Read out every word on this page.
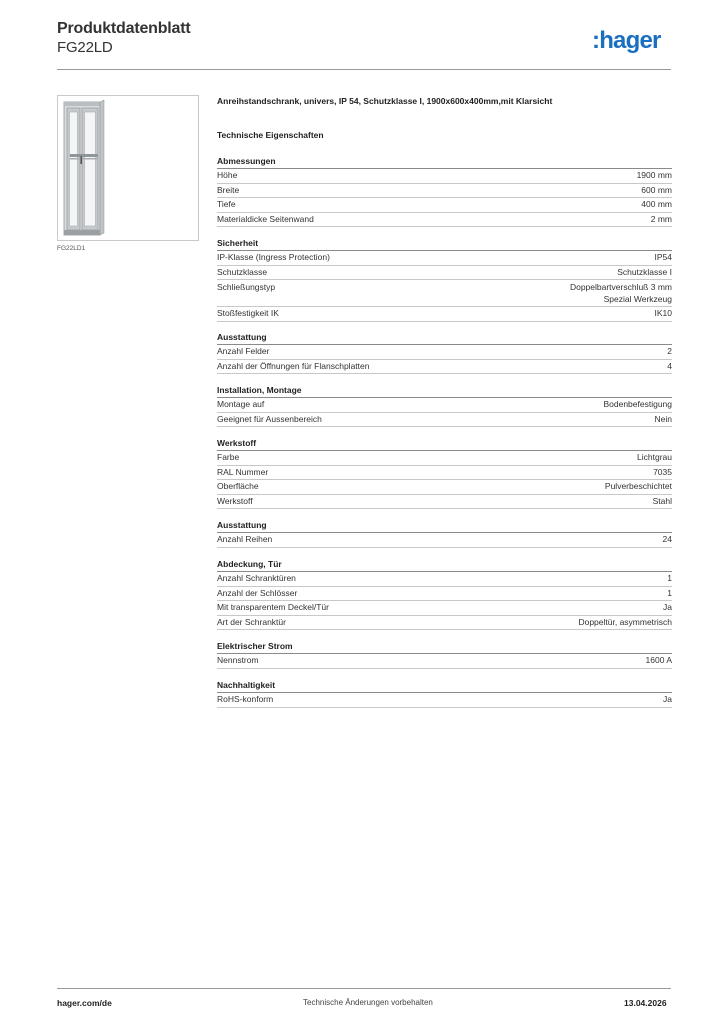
Produktdatenblatt
FG22LD	:hager
FG22LD1
Anreihstandschrank, univers, IP 54, Schutzklasse I, 1900x600x400mm,mit Klarsicht
Technische Eigenschaften
Abmessungen
Höhe	1900 mm
Breite	600 mm
Tiefe	400 mm
Materialdicke Seitenwand	2 mm
Sicherheit
IP-Klasse (Ingress Protection)	IP54
Schutzklasse	Schutzklasse I
Schließungstyp	Doppelbartverschluß 3 mm
Spezial Werkzeug
Stoßfestigkeit IK	IK10
Ausstattung
Anzahl Felder	2
Anzahl der Öffnungen für Flanschplatten	4
Installation, Montage
Montage auf	Bodenbefestigung
Geeignet für Aussenbereich	Nein
Werkstoff
Farbe	Lichtgrau
RAL Nummer	7035
Oberfläche	Pulverbeschichtet
Werkstoff	Stahl
Ausstattung
Anzahl Reihen	24
Abdeckung, Tür
Anzahl Schranktüren	1
Anzahl der Schlösser	1
Mit transparentem Deckel/Tür	Ja
Art der Schranktür	Doppeltür, asymmetrisch
Elektrischer Strom
Nennstrom	1600 A
Nachhaltigkeit
RoHS-konform	Ja
hager.com/de	Technische Änderungen vorbehalten	13.04.2026
